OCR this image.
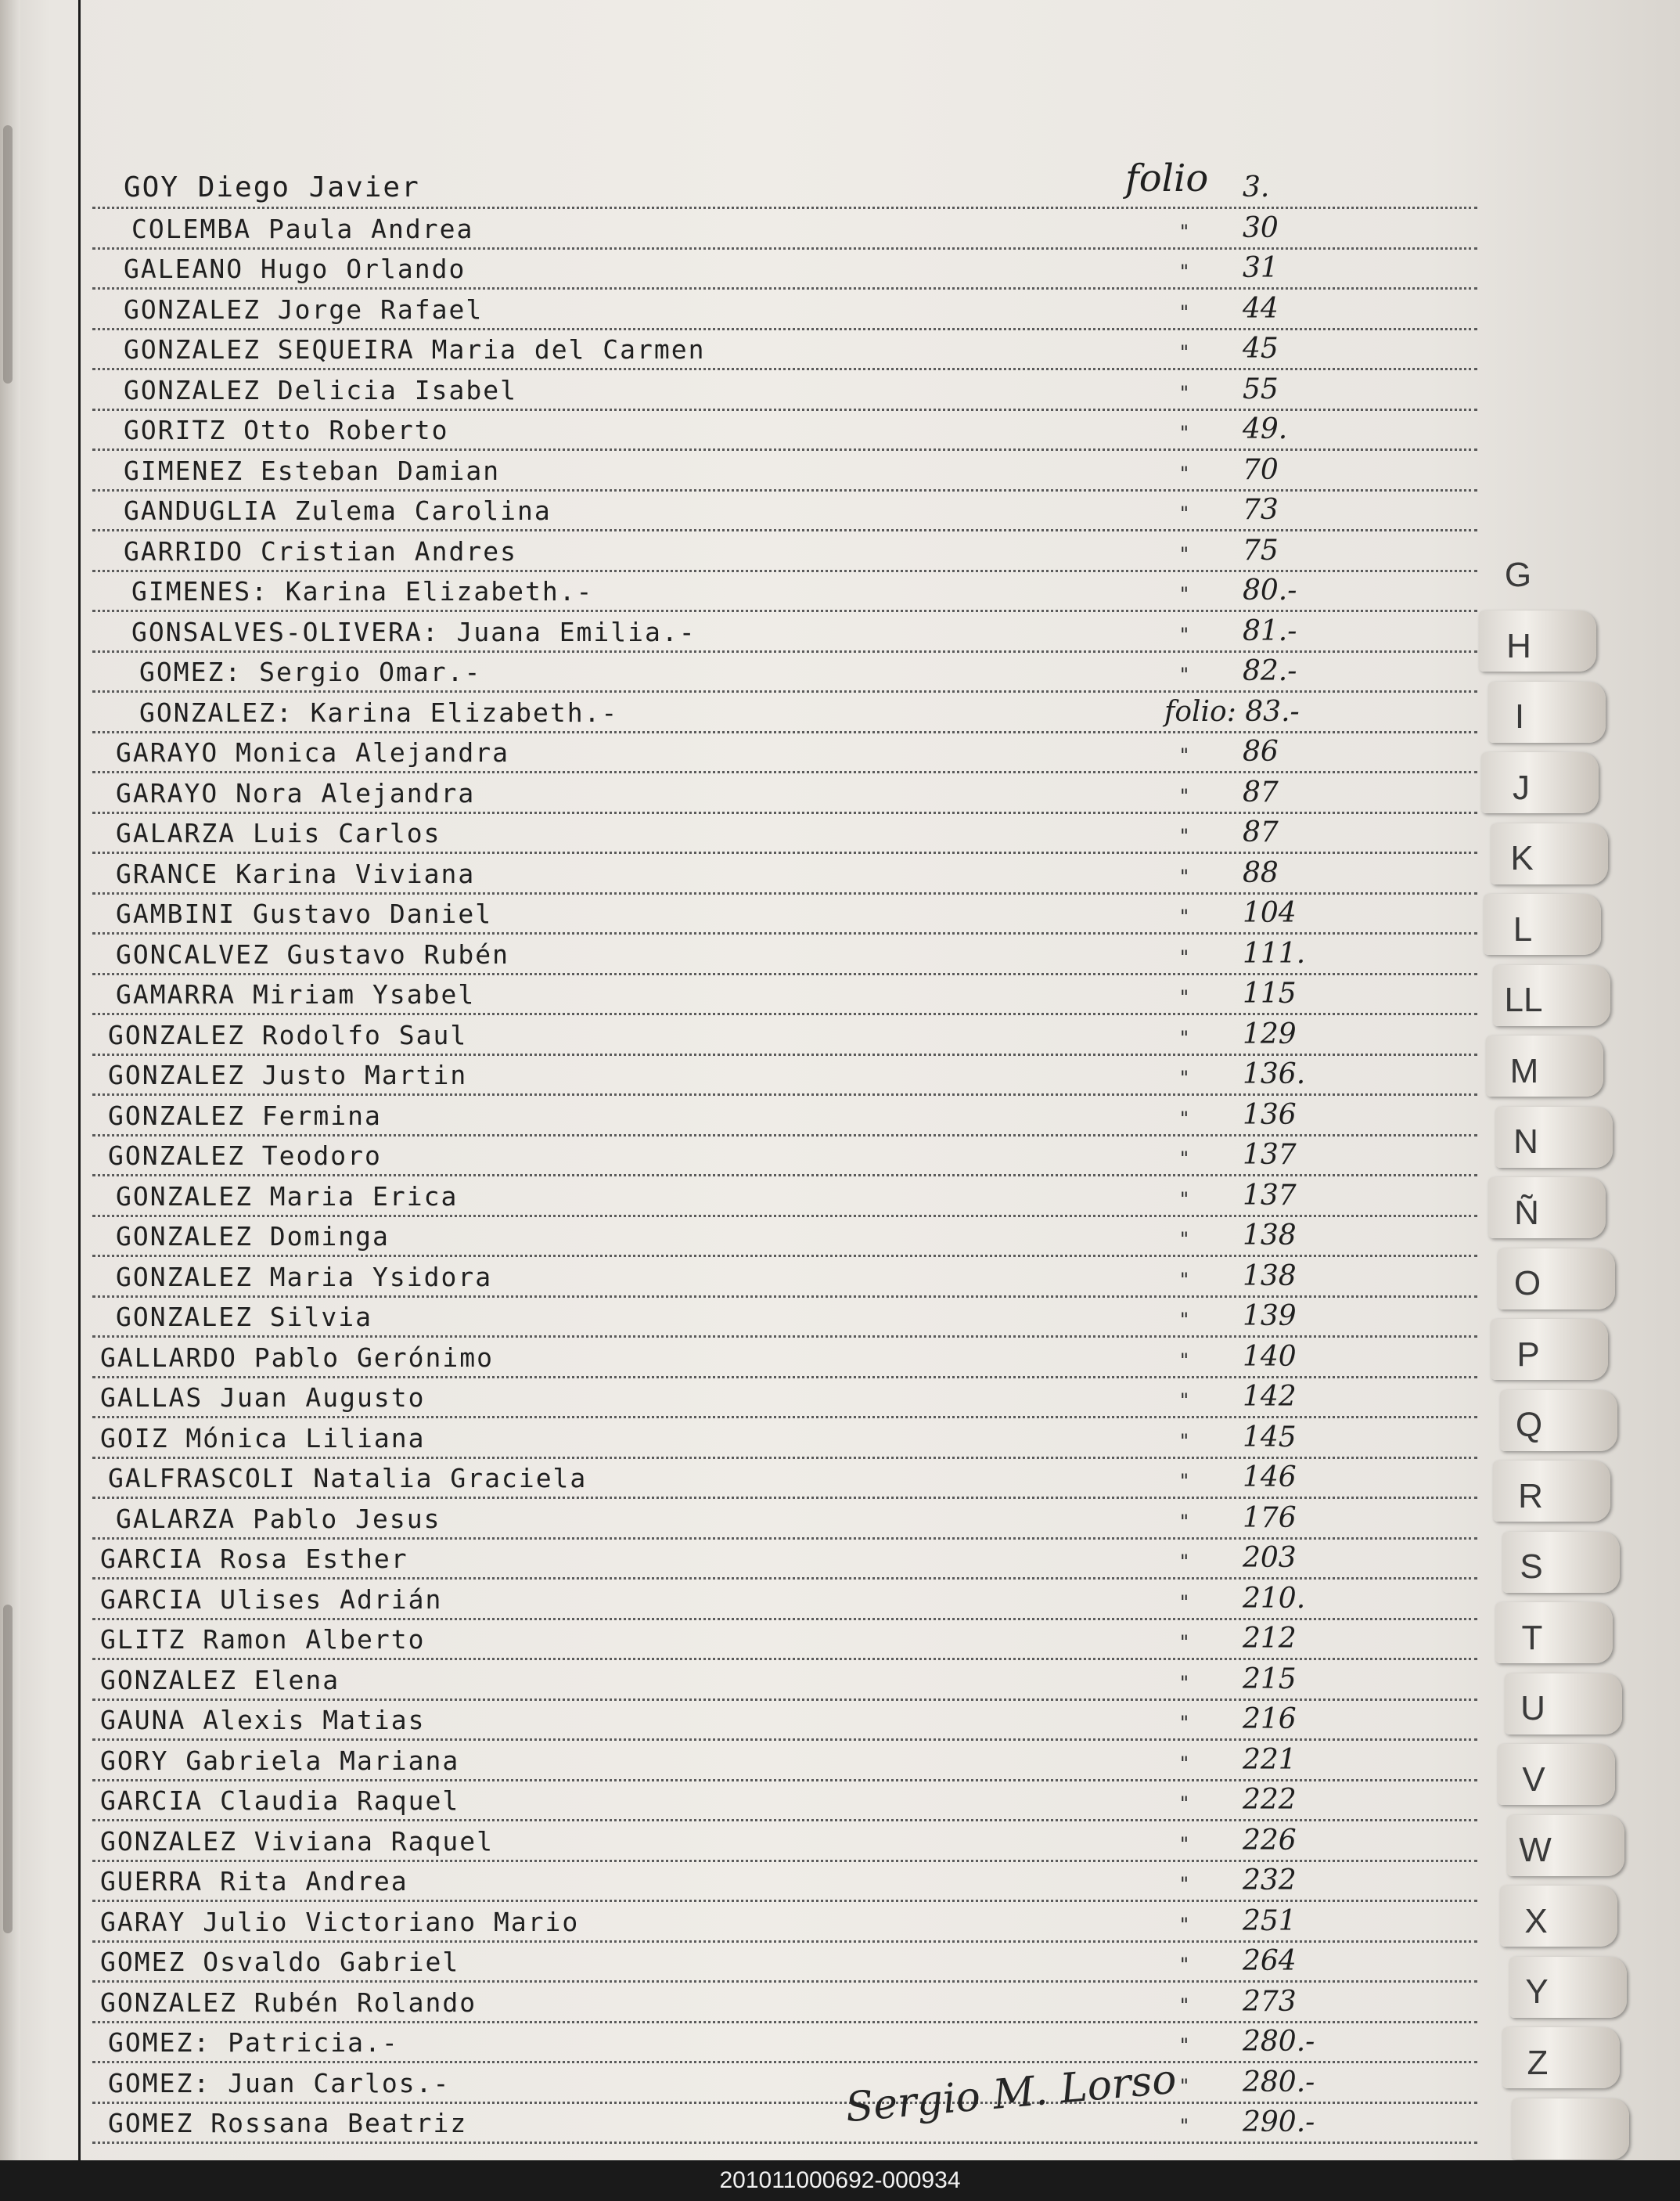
GOY Diego Javier	folio 3.
COLEMBA Paula Andrea	" 30
GALEANO Hugo Orlando	" 31
GONZALEZ Jorge Rafael	" 44
GONZALEZ SEQUEIRA Maria del Carmen	" 45
GONZALEZ Delicia Isabel	" 55
GORITZ Otto Roberto	" 49.
GIMENEZ Esteban Damian	" 70
GANDUGLIA Zulema Carolina	" 73
GARRIDO Cristian Andres	" 75
GIMENES: Karina Elizabeth.-	" 80.-
GONSALVES-OLIVERA: Juana Emilia.-	" 81.-
GOMEZ: Sergio Omar.-	" 82.-
GONZALEZ: Karina Elizabeth.-	folio: 83.-
GARAYO Monica Alejandra	" 86
GARAYO Nora Alejandra	" 87
GALARZA Luis Carlos	" 87
GRANCE Karina Viviana	" 88
GAMBINI Gustavo Daniel	" 104
GONCALVEZ Gustavo Rubén	" 111.
GAMARRA Miriam Ysabel	" 115
GONZALEZ Rodolfo Saul	" 129
GONZALEZ Justo Martin	" 136.
GONZALEZ Fermina	" 136
GONZALEZ Teodoro	" 137
GONZALEZ Maria Erica	" 137
GONZALEZ Dominga	" 138
GONZALEZ Maria Ysidora	" 138
GONZALEZ Silvia	" 139
GALLARDO Pablo Gerónimo	" 140
GALLAS Juan Augusto	" 142
GOIZ Mónica Liliana	" 145
GALFRASCOLI Natalia Graciela	" 146
GALARZA Pablo Jesus	" 176
GARCIA Rosa Esther	" 203
GARCIA Ulises Adrián	" 210.
GLITZ Ramon Alberto	" 212
GONZALEZ Elena	" 215
GAUNA Alexis Matias	" 216
GORY Gabriela Mariana	" 221
GARCIA Claudia Raquel	" 222
GONZALEZ Viviana Raquel	" 226
GUERRA Rita Andrea	" 232
GARAY Julio Victoriano Mario	" 251
GOMEZ Osvaldo Gabriel	" 264
GONZALEZ Rubén Rolando	" 273
GOMEZ: Patricia.-	" 280.-
GOMEZ: Juan Carlos.-	" 280.-
GOMEZ Rossana Beatriz	" 290.-
Sergio M. Lorso
G
H
I
J
K
L
LL
M
N
Ñ
O
P
Q
R
S
T
U
V
W
X
Y
Z
201011000692-000934
